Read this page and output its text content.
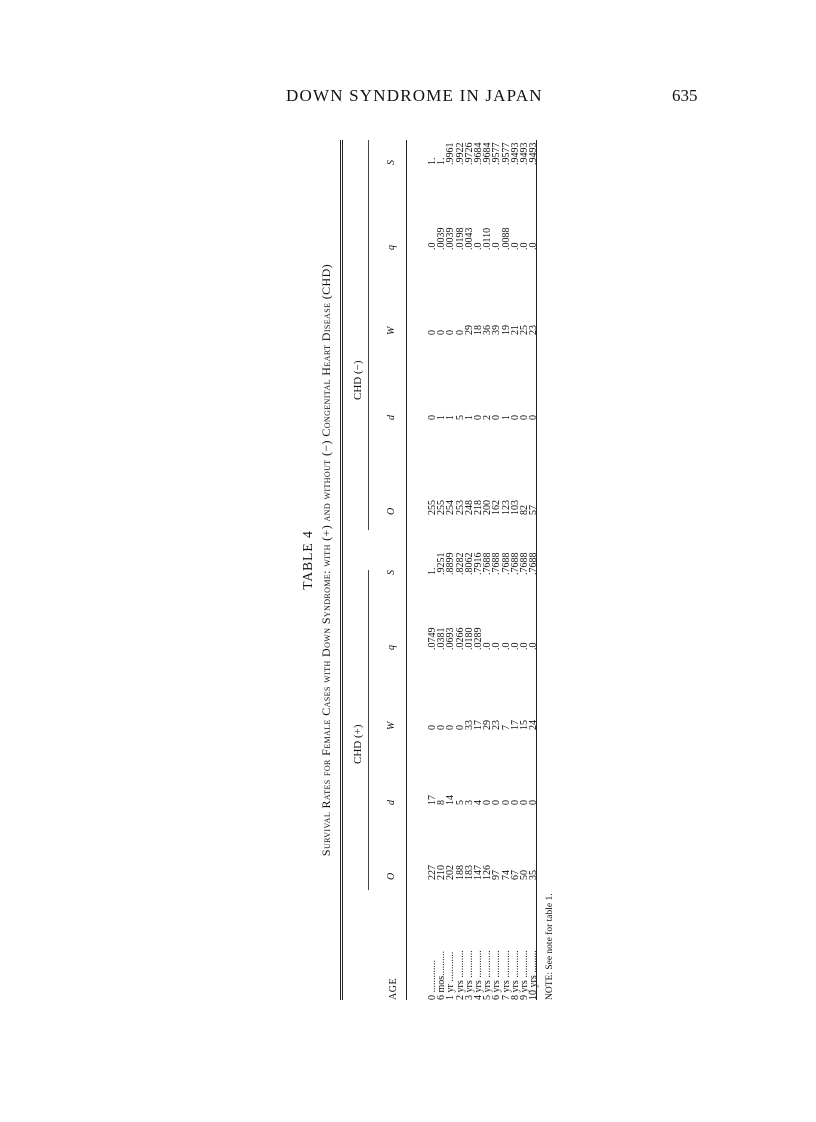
DOWN SYNDROME IN JAPAN	635
TABLE 4 Survival Rates for Female Cases with Down Syndrome: with (+) and without (−) Congenital Heart Disease (CHD)
AGE
CHD (+)
CHD (−)
O
d
W
q
S
O
d
W
q
S
0 .............
227
17
0
.0749
1.
255
0
0
.0
1.
6 mos..........
210
8
0
.0381
.9251
255
1
0
.0039
1.
1 yr ............
202
14
0
.0693
.8899
254
1
0
.0039
.9961
2 yrs ...........
188
5
0
.0266
.8282
253
5
0
.0198
.9922
3 yrs ...........
183
3
33
.0180
.8062
248
1
29
.0043
.9726
4 yrs ...........
147
4
17
.0289
.7916
218
0
18
.0
.9684
5 yrs ...........
126
0
29
.0
.7688
200
2
36
.0110
.9684
6 yrs ...........
97
0
23
.0
.7688
162
0
39
.0
.9577
7 yrs ...........
74
0
7
.0
.7688
123
1
19
.0088
.9577
8 yrs ...........
67
0
17
.0
.7688
103
0
21
.0
.9493
9 yrs ...........
50
0
15
.0
.7688
82
0
25
.0
.9493
10 yrs .........
35
0
24
.0
.7688
57
0
23
.0
.9493
NOTE: See note for table 1.
